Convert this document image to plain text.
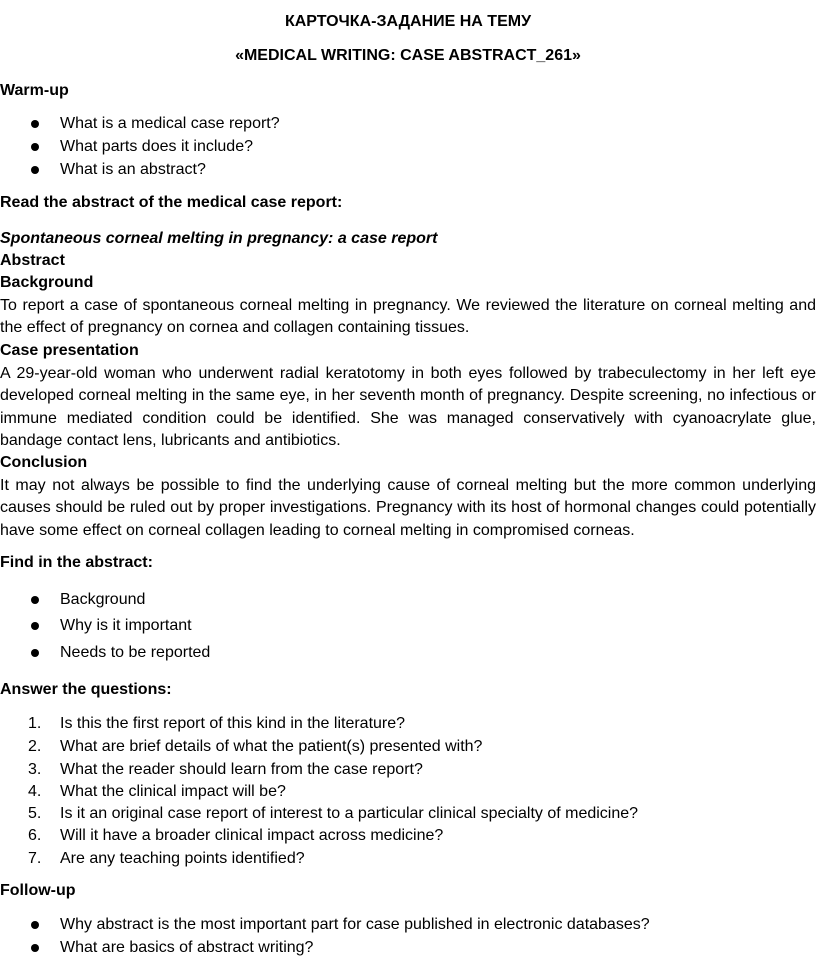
КАРТОЧКА-ЗАДАНИЕ НА ТЕМУ
«MEDICAL WRITING: CASE ABSTRACT_261»
Warm-up
What is a medical case report?
What parts does it include?
What is an abstract?
Read the abstract of the medical case report:
Spontaneous corneal melting in pregnancy: a case report
Abstract
Background
To report a case of spontaneous corneal melting in pregnancy. We reviewed the literature on corneal melting and the effect of pregnancy on cornea and collagen containing tissues.
Case presentation
A 29-year-old woman who underwent radial keratotomy in both eyes followed by trabeculectomy in her left eye developed corneal melting in the same eye, in her seventh month of pregnancy. Despite screening, no infectious or immune mediated condition could be identified. She was managed conservatively with cyanoacrylate glue, bandage contact lens, lubricants and antibiotics.
Conclusion
It may not always be possible to find the underlying cause of corneal melting but the more common underlying causes should be ruled out by proper investigations. Pregnancy with its host of hormonal changes could potentially have some effect on corneal collagen leading to corneal melting in compromised corneas.
Find in the abstract:
Background
Why is it important
Needs to be reported
Answer the questions:
1.	Is this the first report of this kind in the literature?
2.	What are brief details of what the patient(s) presented with?
3.	What the reader should learn from the case report?
4.	What the clinical impact will be?
5.	Is it an original case report of interest to a particular clinical specialty of medicine?
6.	Will it have a broader clinical impact across medicine?
7.	Are any teaching points identified?
Follow-up
Why abstract is the most important part for case published in electronic databases?
What are basics of abstract writing?
